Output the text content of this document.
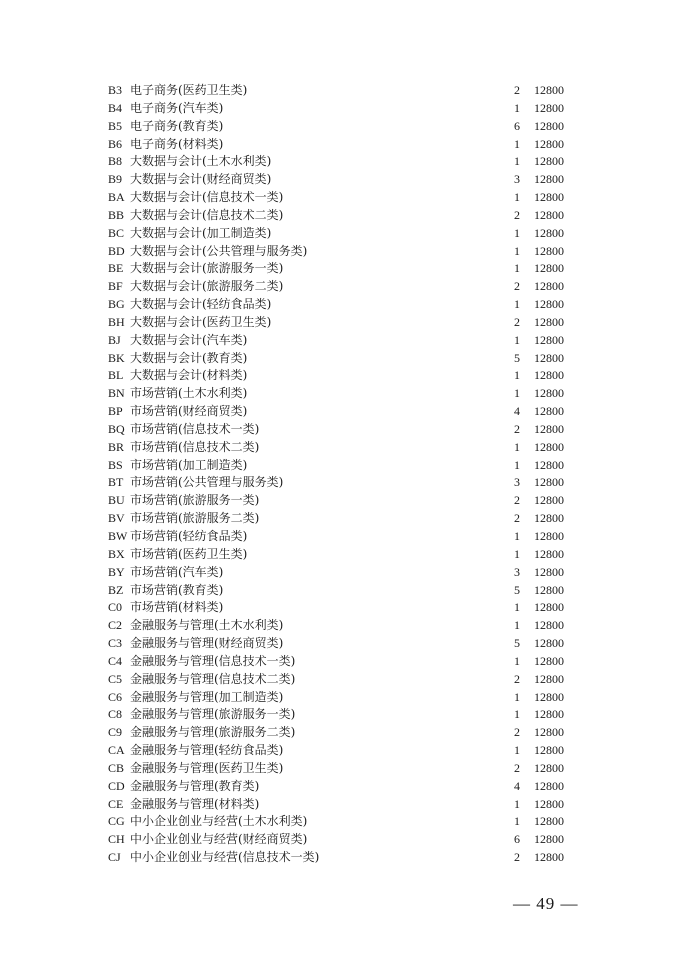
B3 电子商务(医药卫生类)	2 12800
B4 电子商务(汽车类)	1 12800
B5 电子商务(教育类)	6 12800
B6 电子商务(材料类)	1 12800
B8 大数据与会计(土木水利类)	1 12800
B9 大数据与会计(财经商贸类)	3 12800
BA 大数据与会计(信息技术一类)	1 12800
BB 大数据与会计(信息技术二类)	2 12800
BC 大数据与会计(加工制造类)	1 12800
BD 大数据与会计(公共管理与服务类)	1 12800
BE 大数据与会计(旅游服务一类)	1 12800
BF 大数据与会计(旅游服务二类)	2 12800
BG 大数据与会计(轻纺食品类)	1 12800
BH 大数据与会计(医药卫生类)	2 12800
BJ 大数据与会计(汽车类)	1 12800
BK 大数据与会计(教育类)	5 12800
BL 大数据与会计(材料类)	1 12800
BN 市场营销(土木水利类)	1 12800
BP 市场营销(财经商贸类)	4 12800
BQ 市场营销(信息技术一类)	2 12800
BR 市场营销(信息技术二类)	1 12800
BS 市场营销(加工制造类)	1 12800
BT 市场营销(公共管理与服务类)	3 12800
BU 市场营销(旅游服务一类)	2 12800
BV 市场营销(旅游服务二类)	2 12800
BW 市场营销(轻纺食品类)	1 12800
BX 市场营销(医药卫生类)	1 12800
BY 市场营销(汽车类)	3 12800
BZ 市场营销(教育类)	5 12800
C0 市场营销(材料类)	1 12800
C2 金融服务与管理(土木水利类)	1 12800
C3 金融服务与管理(财经商贸类)	5 12800
C4 金融服务与管理(信息技术一类)	1 12800
C5 金融服务与管理(信息技术二类)	2 12800
C6 金融服务与管理(加工制造类)	1 12800
C8 金融服务与管理(旅游服务一类)	1 12800
C9 金融服务与管理(旅游服务二类)	2 12800
CA 金融服务与管理(轻纺食品类)	1 12800
CB 金融服务与管理(医药卫生类)	2 12800
CD 金融服务与管理(教育类)	4 12800
CE 金融服务与管理(材料类)	1 12800
CG 中小企业创业与经营(土木水利类)	1 12800
CH 中小企业创业与经营(财经商贸类)	6 12800
CJ 中小企业创业与经营(信息技术一类)	2 12800
— 49 —
